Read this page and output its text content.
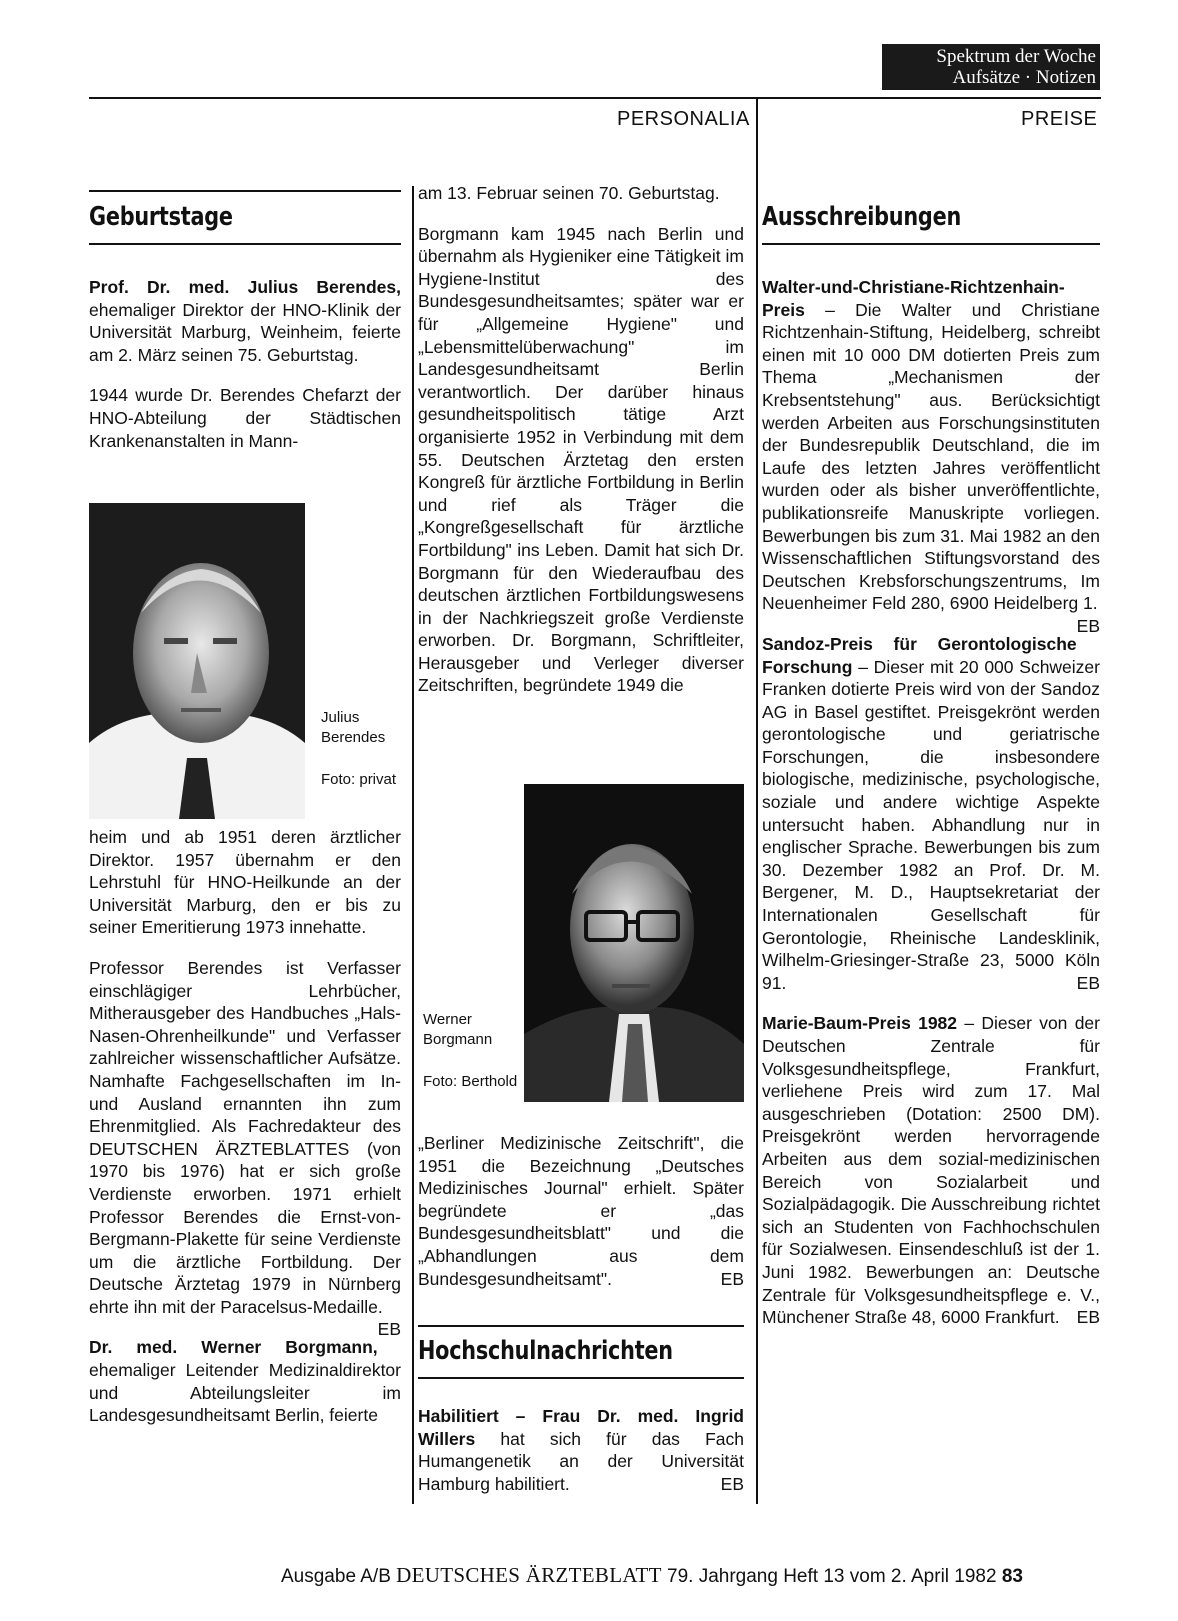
Spektrum der Woche
Aufsätze · Notizen
PERSONALIA	PREISE
Geburtstage

Prof. Dr. med. Julius Berendes, ehemaliger Direktor der HNO-Klinik der Universität Marburg, Weinheim, feierte am 2. März seinen 75. Geburtstag.

1944 wurde Dr. Berendes Chefarzt der HNO-Abteilung der Städtischen Krankenanstalten in Mann-

Julius Berendes
Foto: privat

heim und ab 1951 deren ärztlicher Direktor. 1957 übernahm er den Lehrstuhl für HNO-Heilkunde an der Universität Marburg, den er bis zu seiner Emeritierung 1973 innehatte.

Professor Berendes ist Verfasser einschlägiger Lehrbücher, Mitherausgeber des Handbuches „Hals-Nasen-Ohrenheilkunde" und Verfasser zahlreicher wissenschaftlicher Aufsätze. Namhafte Fachgesellschaften im In- und Ausland ernannten ihn zum Ehrenmitglied. Als Fachredakteur des DEUTSCHEN ÄRZTEBLATTES (von 1970 bis 1976) hat er sich große Verdienste erworben. 1971 erhielt Professor Berendes die Ernst-von-Bergmann-Plakette für seine Verdienste um die ärztliche Fortbildung. Der Deutsche Ärztetag 1979 in Nürnberg ehrte ihn mit der Paracelsus-Medaille.
EB

Dr. med. Werner Borgmann, ehemaliger Leitender Medizinaldirektor und Abteilungsleiter im Landesgesundheitsamt Berlin, feierte

am 13. Februar seinen 70. Geburtstag.

Borgmann kam 1945 nach Berlin und übernahm als Hygieniker eine Tätigkeit im Hygiene-Institut des Bundesgesundheitsamtes; später war er für „Allgemeine Hygiene" und „Lebensmittelüberwachung" im Landesgesundheitsamt Berlin verantwortlich. Der darüber hinaus gesundheitspolitisch tätige Arzt organisierte 1952 in Verbindung mit dem 55. Deutschen Ärztetag den ersten Kongreß für ärztliche Fortbildung in Berlin und rief als Träger die „Kongreßgesellschaft für ärztliche Fortbildung" ins Leben. Damit hat sich Dr. Borgmann für den Wiederaufbau des deutschen ärztlichen Fortbildungswesens in der Nachkriegszeit große Verdienste erworben. Dr. Borgmann, Schriftleiter, Herausgeber und Verleger diverser Zeitschriften, begründete 1949 die

Werner Borgmann
Foto: Berthold

„Berliner Medizinische Zeitschrift", die 1951 die Bezeichnung „Deutsches Medizinisches Journal" erhielt. Später begründete er „das Bundesgesundheitsblatt" und die „Abhandlungen aus dem Bundesgesundheitsamt".	EB

Hochschulnachrichten

Habilitiert – Frau Dr. med. Ingrid Willers hat sich für das Fach Humangenetik an der Universität Hamburg habilitiert.	EB

Ausschreibungen

Walter-und-Christiane-Richtzenhain-Preis – Die Walter und Christiane Richtzenhain-Stiftung, Heidelberg, schreibt einen mit 10 000 DM dotierten Preis zum Thema „Mechanismen der Krebsentstehung" aus. Berücksichtigt werden Arbeiten aus Forschungsinstituten der Bundesrepublik Deutschland, die im Laufe des letzten Jahres veröffentlicht wurden oder als bisher unveröffentlichte, publikationsreife Manuskripte vorliegen. Bewerbungen bis zum 31. Mai 1982 an den Wissenschaftlichen Stiftungsvorstand des Deutschen Krebsforschungszentrums, Im Neuenheimer Feld 280, 6900 Heidelberg 1.
EB

Sandoz-Preis für Gerontologische Forschung – Dieser mit 20 000 Schweizer Franken dotierte Preis wird von der Sandoz AG in Basel gestiftet. Preisgekrönt werden gerontologische und geriatrische Forschungen, die insbesondere biologische, medizinische, psychologische, soziale und andere wichtige Aspekte untersucht haben. Abhandlung nur in englischer Sprache. Bewerbungen bis zum 30. Dezember 1982 an Prof. Dr. M. Bergener, M. D., Hauptsekretariat der Internationalen Gesellschaft für Gerontologie, Rheinische Landesklinik, Wilhelm-Griesinger-Straße 23, 5000 Köln 91.	EB

Marie-Baum-Preis 1982 – Dieser von der Deutschen Zentrale für Volksgesundheitspflege, Frankfurt, verliehene Preis wird zum 17. Mal ausgeschrieben (Dotation: 2500 DM). Preisgekrönt werden hervorragende Arbeiten aus dem sozial-medizinischen Bereich von Sozialarbeit und Sozialpädagogik. Die Ausschreibung richtet sich an Studenten von Fachhochschulen für Sozialwesen. Einsendeschluß ist der 1. Juni 1982. Bewerbungen an: Deutsche Zentrale für Volksgesundheitspflege e. V., Münchener Straße 48, 6000 Frankfurt. EB

Ausgabe A/B DEUTSCHES ÄRZTEBLATT 79. Jahrgang Heft 13 vom 2. April 1982 83
